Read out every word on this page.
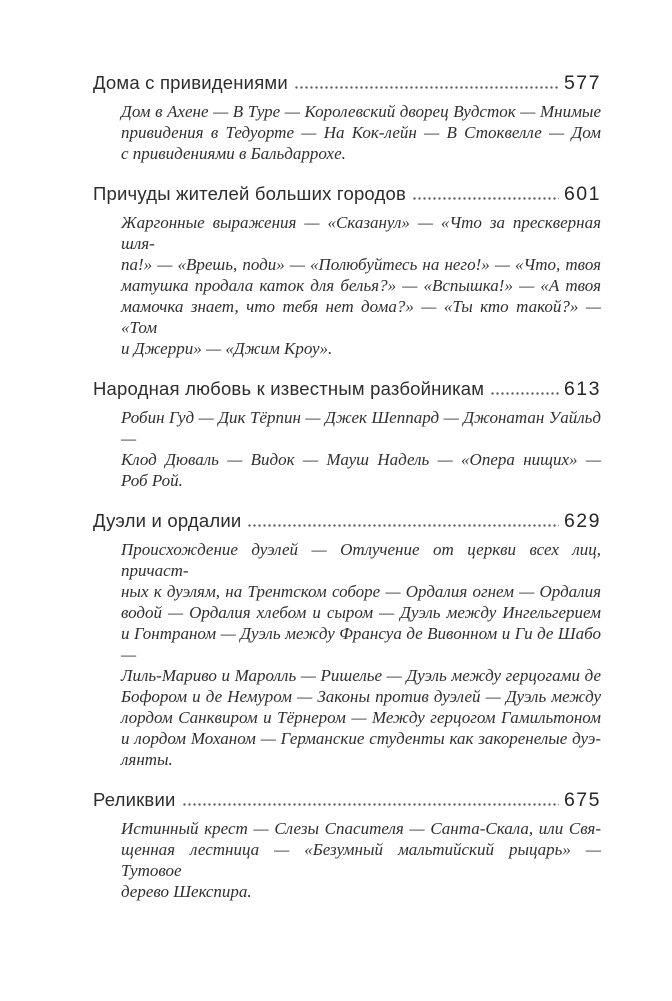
Дома с привидениями	577
Дом в Ахене — В Туре — Королевский дворец Вудсток — Мнимые
привидения в Тедуорте — На Кок-лейн — В Стоквелле — Дом
с привидениями в Бальдаррохе.
Причуды жителей больших городов	601
Жаргонные выражения — «Сказанул» — «Что за прескверная шля-
па!» — «Врешь, поди» — «Полюбуйтесь на него!» — «Что, твоя
матушка продала каток для белья?» — «Вспышка!» — «А твоя
мамочка знает, что тебя нет дома?» — «Ты кто такой?» — «Том
и Джерри» — «Джим Кроу».
Народная любовь к известным разбойникам	613
Робин Гуд — Дик Тёрпин — Джек Шеппард — Джонатан Уайльд —
Клод Дюваль — Видок — Мауш Надель — «Опера нищих» —
Роб Рой.
Дуэли и ордалии	629
Происхождение дуэлей — Отлучение от церкви всех лиц, причаст-
ных к дуэлям, на Трентском соборе — Ордалия огнем — Ордалия
водой — Ордалия хлебом и сыром — Дуэль между Ингельгерием
и Гонтраном — Дуэль между Франсуа де Вивонном и Ги де Шабо —
Лиль-Мариво и Маролль — Ришелье — Дуэль между герцогами де
Бофором и де Немуром — Законы против дуэлей — Дуэль между
лордом Санквиром и Тёрнером — Между герцогом Гамильтоном
и лордом Моханом — Германские студенты как закоренелые дуэ-
лянты.
Реликвии	675
Истинный крест — Слезы Спасителя — Санта-Скала, или Свя-
щенная лестница — «Безумный мальтийский рыцарь» — Тутовое
дерево Шекспира.
